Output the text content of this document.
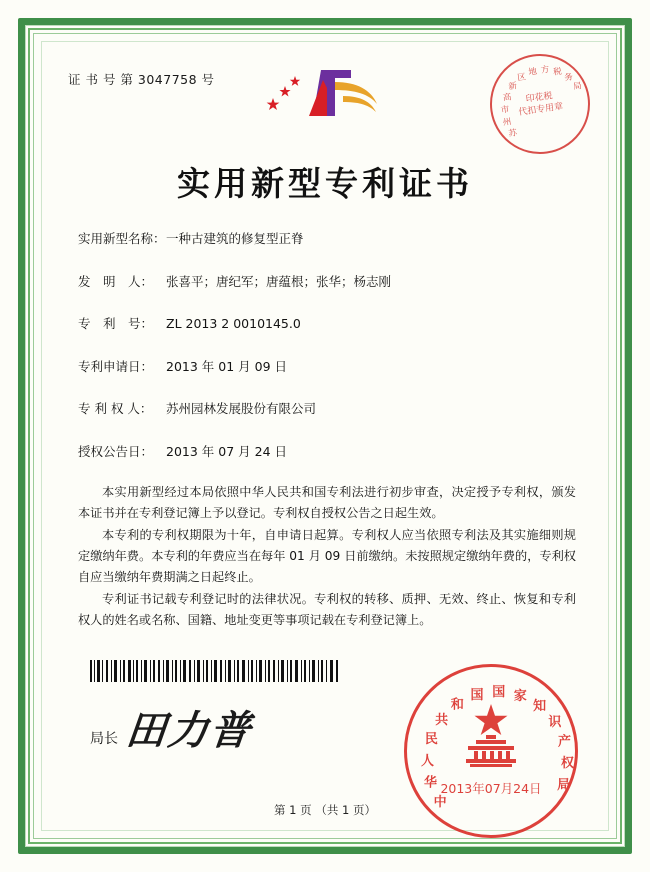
证 书 号 第 3047758 号
苏
州
市
高
新
区
地 方 税
务
局
印花税
代扣专用章
实用新型专利证书
实用新型名称：一种古建筑的修复型正脊
发　明　人： 张喜平；唐纪军；唐蕴根；张华；杨志刚
专　利　号： ZL 2013 2 0010145.0
专利申请日： 2013 年 01 月 09 日
专 利 权 人： 苏州园林发展股份有限公司
授权公告日： 2013 年 07 月 24 日

本实用新型经过本局依照中华人民共和国专利法进行初步审查，决定授予专利权，颁发本证书并在专利登记簿上予以登记。专利权自授权公告之日起生效。

本专利的专利权期限为十年，自申请日起算。专利权人应当依照专利法及其实施细则规定缴纳年费。本专利的年费应当在每年 01 月 09 日前缴纳。未按照规定缴纳年费的，专利权自应当缴纳年费期满之日起终止。

专利证书记载专利登记时的法律状况。专利权的转移、质押、无效、终止、恢复和专利权人的姓名或名称、国籍、地址变更等事项记载在专利登记簿上。

局长 田力普
中
华
人
民
共
和
国 国 家
知
识
产
权
局
2013年07月24日
第 1 页 （共 1 页）
